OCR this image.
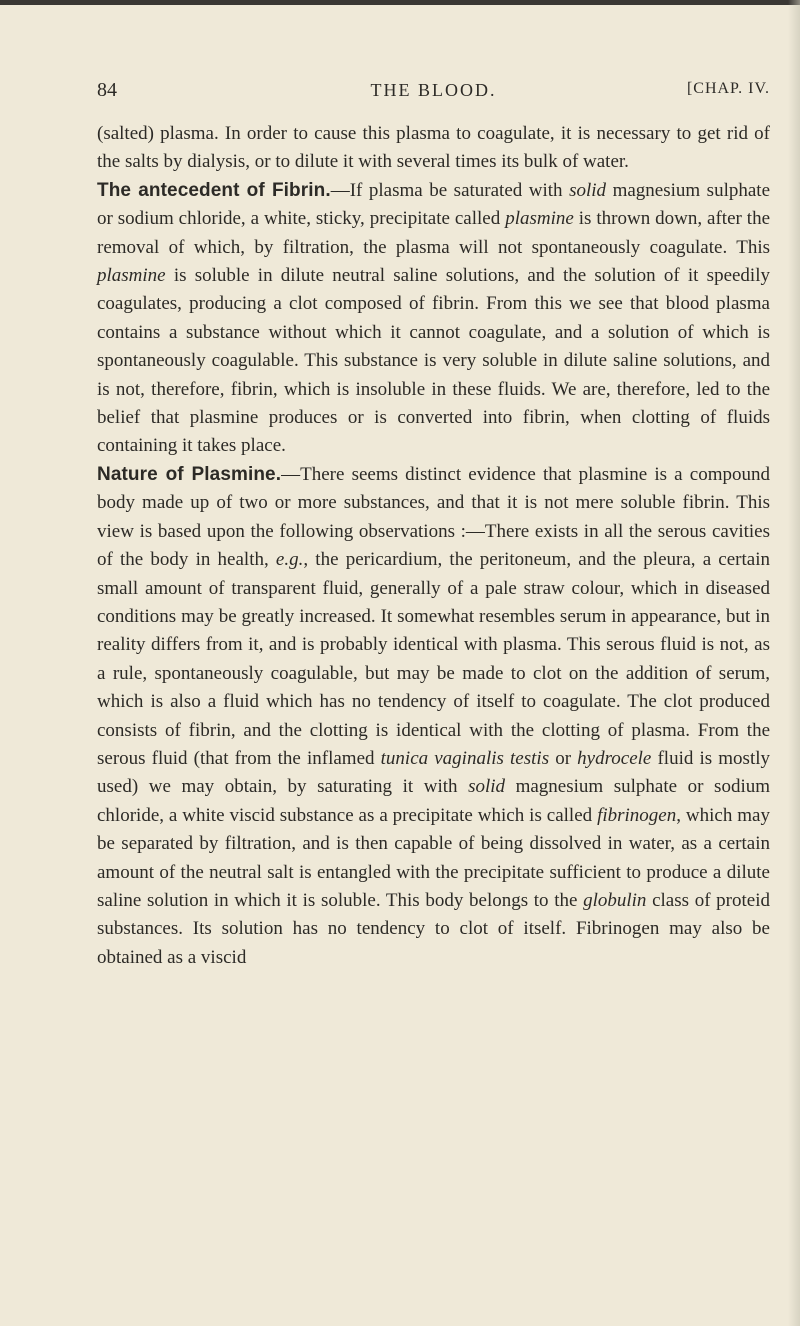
84	THE BLOOD.	[CHAP. IV.

(salted) plasma. In order to cause this plasma to coagulate, it is necessary to get rid of the salts by dialysis, or to dilute it with several times its bulk of water.

The antecedent of Fibrin.—If plasma be saturated with solid magnesium sulphate or sodium chloride, a white, sticky, precipitate called plasmine is thrown down, after the removal of which, by filtration, the plasma will not spontaneously coagulate. This plasmine is soluble in dilute neutral saline solutions, and the solution of it speedily coagulates, producing a clot composed of fibrin. From this we see that blood plasma contains a substance without which it cannot coagulate, and a solution of which is spontaneously coagulable. This substance is very soluble in dilute saline solutions, and is not, therefore, fibrin, which is insoluble in these fluids. We are, therefore, led to the belief that plasmine produces or is converted into fibrin, when clotting of fluids containing it takes place.

Nature of Plasmine.—There seems distinct evidence that plasmine is a compound body made up of two or more substances, and that it is not mere soluble fibrin. This view is based upon the following observations :—There exists in all the serous cavities of the body in health, e.g., the pericardium, the peritoneum, and the pleura, a certain small amount of transparent fluid, generally of a pale straw colour, which in diseased conditions may be greatly increased. It somewhat resembles serum in appearance, but in reality differs from it, and is probably identical with plasma. This serous fluid is not, as a rule, spontaneously coagulable, but may be made to clot on the addition of serum, which is also a fluid which has no tendency of itself to coagulate. The clot produced consists of fibrin, and the clotting is identical with the clotting of plasma. From the serous fluid (that from the inflamed tunica vaginalis testis or hydrocele fluid is mostly used) we may obtain, by saturating it with solid magnesium sulphate or sodium chloride, a white viscid substance as a precipitate which is called fibrinogen, which may be separated by filtration, and is then capable of being dissolved in water, as a certain amount of the neutral salt is entangled with the precipitate sufficient to produce a dilute saline solution in which it is soluble. This body belongs to the globulin class of proteid substances. Its solution has no tendency to clot of itself. Fibrinogen may also be obtained as a viscid
